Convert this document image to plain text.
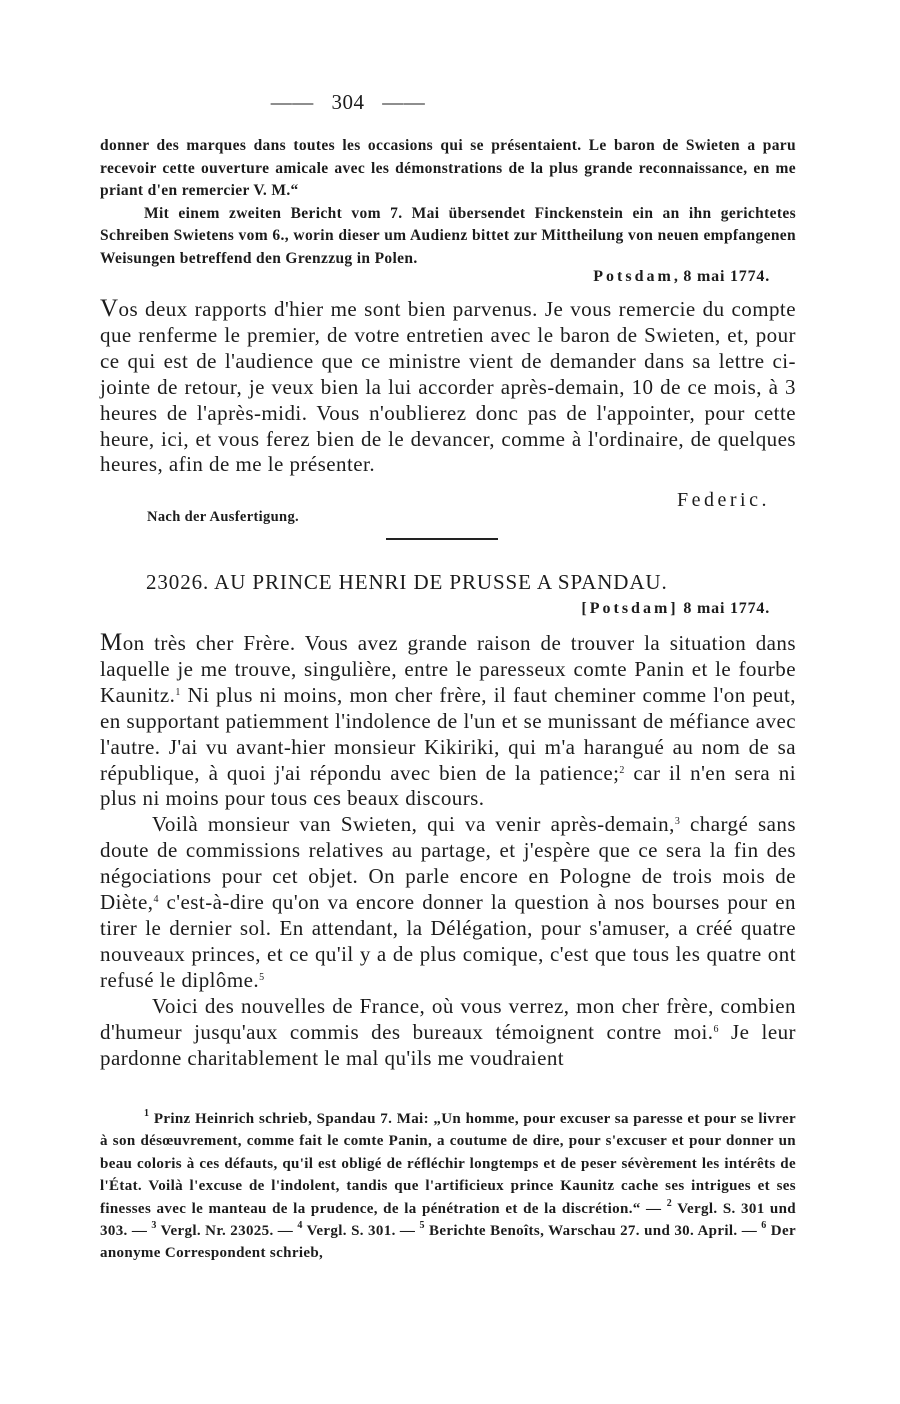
—— 304 ——

donner des marques dans toutes les occasions qui se présentaient. Le baron de Swieten a paru recevoir cette ouverture amicale avec les démonstrations de la plus grande reconnaissance, en me priant d'en remercier V. M.“

Mit einem zweiten Bericht vom 7. Mai übersendet Finckenstein ein an ihn gerichtetes Schreiben Swietens vom 6., worin dieser um Audienz bittet zur Mittheilung von neuen empfangenen Weisungen betreffend den Grenzzug in Polen.

Potsdam, 8 mai 1774.

Vos deux rapports d'hier me sont bien parvenus. Je vous remercie du compte que renferme le premier, de votre entretien avec le baron de Swieten, et, pour ce qui est de l'audience que ce ministre vient de demander dans sa lettre ci-jointe de retour, je veux bien la lui accorder après-demain, 10 de ce mois, à 3 heures de l'après-midi. Vous n'oublierez donc pas de l'appointer, pour cette heure, ici, et vous ferez bien de le devancer, comme à l'ordinaire, de quelques heures, afin de me le présenter.

Federic.
Nach der Ausfertigung.
23026. AU PRINCE HENRI DE PRUSSE A SPANDAU.
[Potsdam] 8 mai 1774.

Mon très cher Frère. Vous avez grande raison de trouver la situation dans laquelle je me trouve, singulière, entre le paresseux comte Panin et le fourbe Kaunitz.$^1$ Ni plus ni moins, mon cher frère, il faut cheminer comme l'on peut, en supportant patiemment l'indolence de l'un et se munissant de méfiance avec l'autre. J'ai vu avant-hier monsieur Kikiriki, qui m'a harangué au nom de sa république, à quoi j'ai répondu avec bien de la patience;$^2$ car il n'en sera ni plus ni moins pour tous ces beaux discours.

Voilà monsieur van Swieten, qui va venir après-demain,$^3$ chargé sans doute de commissions relatives au partage, et j'espère que ce sera la fin des négociations pour cet objet. On parle encore en Pologne de trois mois de Diète,$^4$ c'est-à-dire qu'on va encore donner la question à nos bourses pour en tirer le dernier sol. En attendant, la Délégation, pour s'amuser, a créé quatre nouveaux princes, et ce qu'il y a de plus comique, c'est que tous les quatre ont refusé le diplôme.$^5$

Voici des nouvelles de France, où vous verrez, mon cher frère, combien d'humeur jusqu'aux commis des bureaux témoignent contre moi.$^6$ Je leur pardonne charitablement le mal qu'ils me voudraient

$^1$ Prinz Heinrich schrieb, Spandau 7. Mai: „Un homme, pour excuser sa paresse et pour se livrer à son désœuvrement, comme fait le comte Panin, a coutume de dire, pour s'excuser et pour donner un beau coloris à ces défauts, qu'il est obligé de réfléchir longtemps et de peser sévèrement les intérêts de l'État. Voilà l'excuse de l'indolent, tandis que l'artificieux prince Kaunitz cache ses intrigues et ses finesses avec le manteau de la prudence, de la pénétration et de la discrétion.“ — $^2$ Vergl. S. 301 und 303. — $^3$ Vergl. Nr. 23025. — $^4$ Vergl. S. 301. — $^5$ Berichte Benoîts, Warschau 27. und 30. April. — $^6$ Der anonyme Correspondent schrieb,
